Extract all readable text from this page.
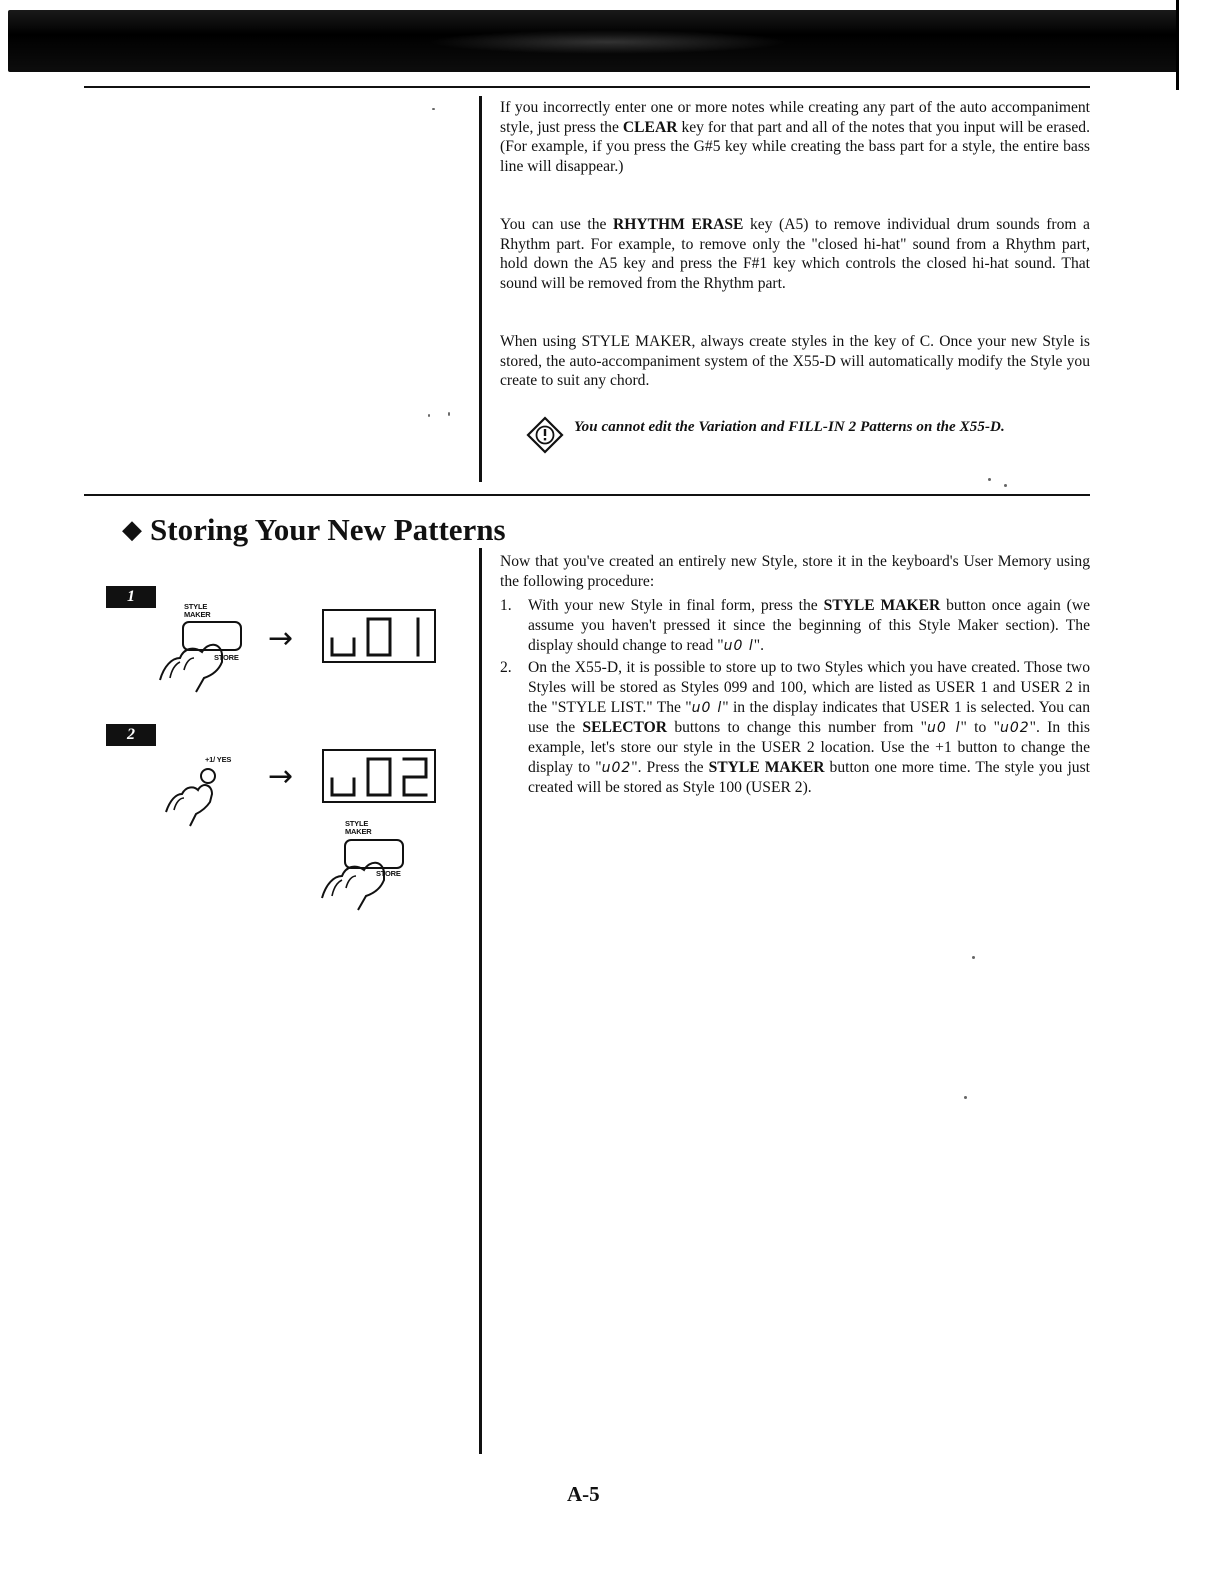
If you incorrectly enter one or more notes while creating any part of the auto accompaniment style, just press the CLEAR key for that part and all of the notes that you input will be erased. (For example, if you press the G#5 key while creating the bass part for a style, the entire bass line will disappear.)

You can use the RHYTHM ERASE key (A5) to remove individual drum sounds from a Rhythm part. For example, to remove only the "closed hi-hat" sound from a Rhythm part, hold down the A5 key and press the F#1 key which controls the closed hi-hat sound. That sound will be removed from the Rhythm part.

When using STYLE MAKER, always create styles in the key of C. Once your new Style is stored, the auto-accompaniment system of the X55-D will automatically modify the Style you create to suit any chord.

You cannot edit the Variation and FILL-IN 2 Patterns on the X55-D.
◆ Storing Your New Patterns
1
STYLE
MAKER
STORE
→
2
+1/ YES →
STYLE
MAKER
STORE

Now that you've created an entirely new Style, store it in the keyboard's User Memory using the following procedure:

1. With your new Style in final form, press the STYLE MAKER button once again (we assume you haven't pressed it since the beginning of this Style Maker section). The display should change to read "u0 l".
2. On the X55-D, it is possible to store up to two Styles which you have created. Those two Styles will be stored as Styles 099 and 100, which are listed as USER 1 and USER 2 in the "STYLE LIST." The "u0 l" in the display indicates that USER 1 is selected. You can use the SELECTOR buttons to change this number from "u0 l" to "u02". In this example, let's store our style in the USER 2 location. Use the +1 button to change the display to "u02". Press the STYLE MAKER button one more time. The style you just created will be stored as Style 100 (USER 2).
A-5
